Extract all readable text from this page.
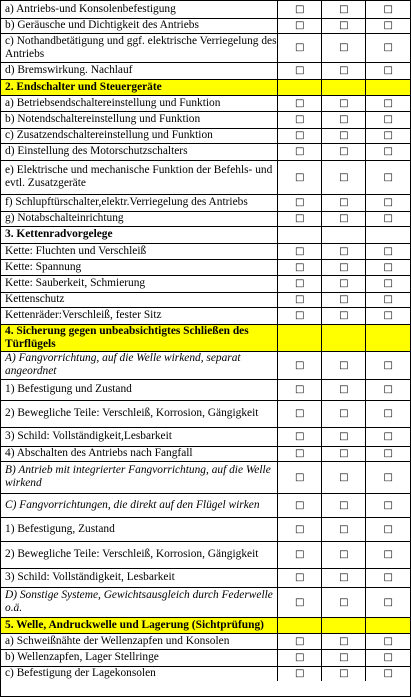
a) Antriebs-und Konsolenbefestigung	□	□	□
b) Geräusche und Dichtigkeit des Antriebs	□	□	□
c) Nothandbetätigung und ggf. elektrische Verriegelung des Antriebs	□	□	□
d) Bremswirkung. Nachlauf	□	□	□
2. Endschalter und Steuergeräte			
a) Betriebsendschaltereinstellung und Funktion	□	□	□
b) Notendschaltereinstellung und Funktion	□	□	□
c) Zusatzendschaltereinstellung und Funktion	□	□	□
d) Einstellung des Motorschutzschalters	□	□	□
e) Elektrische und mechanische Funktion der Befehls- und evtl. Zusatzgeräte	□	□	□
f) Schlupftürschalter,elektr.Verriegelung des Antriebs	□	□	□
g) Notabschalteinrichtung	□	□	□
3. Kettenradvorgelege			
Kette: Fluchten und Verschleiß	□	□	□
Kette: Spannung	□	□	□
Kette: Sauberkeit, Schmierung	□	□	□
Kettenschutz	□	□	□
Kettenräder:Verschleiß, fester Sitz	□	□	□
4. Sicherung gegen unbeabsichtigtes Schließen des Türflügels			
A) Fangvorrichtung, auf die Welle wirkend, separat angeordnet	□	□	□
1) Befestigung und Zustand	□	□	□
2) Bewegliche Teile: Verschleiß, Korrosion, Gängigkeit	□	□	□
3) Schild: Vollständigkeit,Lesbarkeit	□	□	□
4) Abschalten des Antriebs nach Fangfall	□	□	□
B) Antrieb mit integrierter Fangvorrichtung, auf die Welle wirkend	□	□	□
C) Fangvorrichtungen, die direkt auf den Flügel wirken	□	□	□
1) Befestigung, Zustand	□	□	□
2) Bewegliche Teile: Verschleiß, Korrosion, Gängigkeit	□	□	□
3) Schild: Vollständigkeit, Lesbarkeit	□	□	□
D) Sonstige Systeme, Gewichtsausgleich durch Federwelle o.ä.	□	□	□
5. Welle, Andruckwelle und Lagerung (Sichtprüfung)			
a) Schweißnähte der Wellenzapfen und Konsolen	□	□	□
b) Wellenzapfen, Lager Stellringe	□	□	□
c) Befestigung der Lagekonsolen	□	□	□
